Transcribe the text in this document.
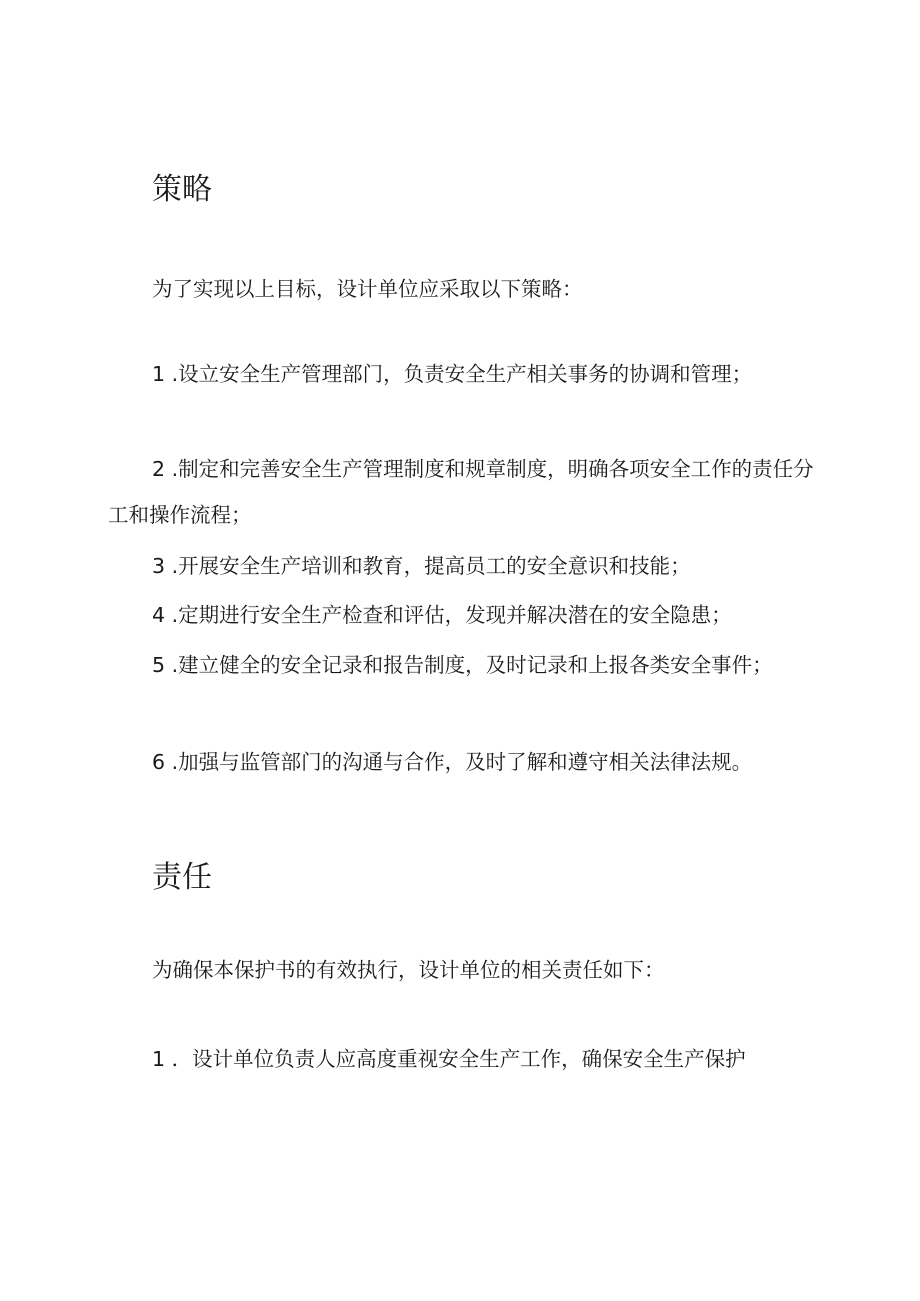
策略

为了实现以上目标，设计单位应采取以下策略：

1 .设立安全生产管理部门，负责安全生产相关事务的协调和管理；
2 .制定和完善安全生产管理制度和规章制度，明确各项安全工作的责任分工和操作流程；
3 .开展安全生产培训和教育，提高员工的安全意识和技能；
4 .定期进行安全生产检查和评估，发现并解决潜在的安全隐患；
5 .建立健全的安全记录和报告制度，及时记录和上报各类安全事件；
6 .加强与监管部门的沟通与合作，及时了解和遵守相关法律法规。
责任

为确保本保护书的有效执行，设计单位的相关责任如下：

1 ．设计单位负责人应高度重视安全生产工作，确保安全生产保护
